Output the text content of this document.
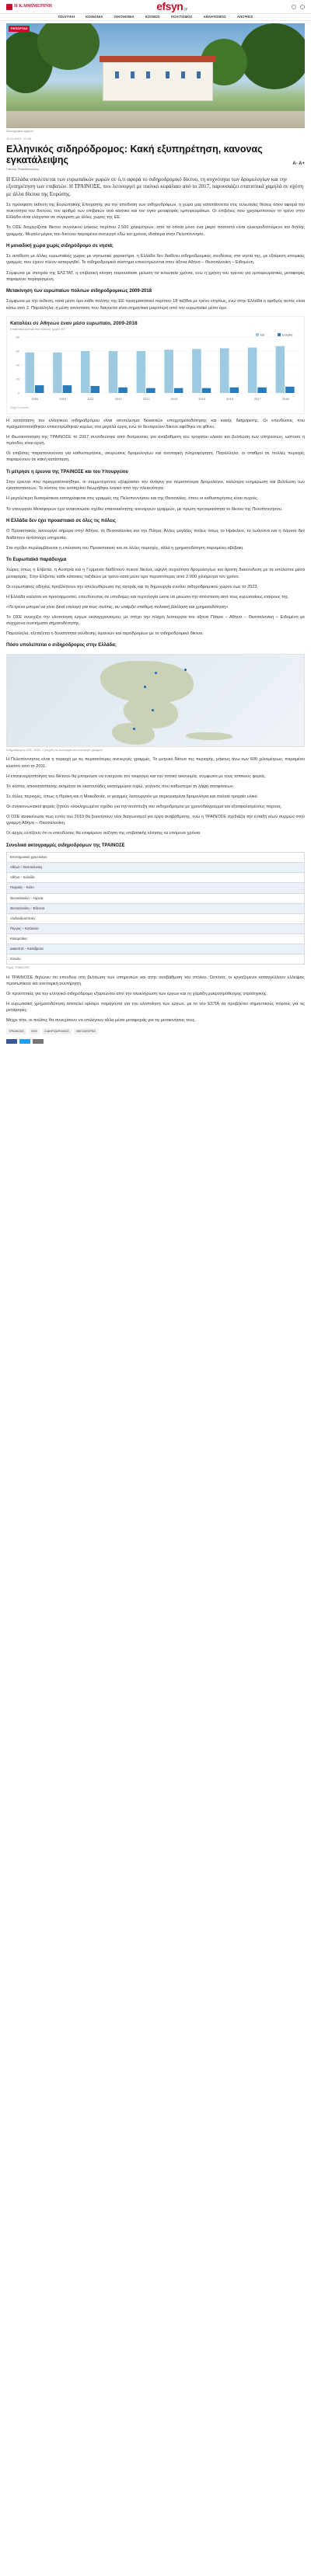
Η ΚΑΘΗΜΕΡΙΝΗ	efsyn.gr
ΠΟΛΙΤΙΚΗ	ΚΟΙΝΩΝΙΑ	ΟΙΚΟΝΟΜΙΑ	ΚΟΣΜΟΣ	ΠΟΛΙΤΙΣΜΟΣ	ΑΘΛΗΤΙΣΜΟΣ	ΑΠΟΨΕΙΣ
ΡΕΠΟΡΤΑΖ
Φωτογραφία αρχείου
12.03.2019 · 07:45
Ελληνικός σιδηρόδρομος: Κακή εξυπηρέτηση, κανονας εγκατάλειψης
Γιάννης Παπαδόπουλος
A- A+
Η Ελλάδα υπολείπεται των ευρωπαϊκών χωρών σε ό,τι αφορά το σιδηροδρομικό δίκτυο, τη συχνότητα των δρομολογίων και την εξυπηρέτηση των επιβατών. Η ΤΡΑΙΝΟΣΕ, που λειτουργεί με ιταλικό κεφάλαιο από το 2017, παρουσιάζει στατιστικά χαμηλά σε σχέση με άλλα δίκτυα της Ευρώπης.

Σε πρόσφατη έκθεση της Ευρωπαϊκής Επιτροπής για την απόδοση των σιδηροδρόμων, η χώρα μας κατατάσσεται στις τελευταίες θέσεις όσον αφορά την πυκνότητα του δικτύου, τον αριθμό των επιβατών ανά κάτοικο και τον όγκο μεταφοράς εμπορευμάτων. Οι επιβάτες που χρησιμοποιούν το τρένο στην Ελλάδα είναι ελάχιστοι σε σύγκριση με άλλες χώρες της ΕΕ.

Το ΟΣΕ διαχειρίζεται δίκτυο συνολικού μήκους περίπου 2.500 χιλιομέτρων, από τα οποία μόνο ένα μικρό ποσοστό είναι ηλεκτροδοτούμενο και διπλής γραμμής. Μεγάλο μέρος του δικτύου παραμένει ανενεργό εδώ και χρόνια, ιδιαίτερα στην Πελοπόννησο.

Η μοναδική χώρα χωρίς σιδηρόδρομο σε νησιά;

Σε αντίθεση με άλλες ευρωπαϊκές χώρες με νησιωτικό χαρακτήρα, η Ελλάδα δεν διαθέτει σιδηροδρομικές συνδέσεις στα νησιά της, με εξαίρεση ιστορικές γραμμές που έχουν πλέον καταργηθεί. Το σιδηροδρομικό σύστημα επικεντρώνεται στον άξονα Αθήνα – Θεσσαλονίκη – Ειδομένη.

Σύμφωνα με στοιχεία της ΕΛΣΤΑΤ, η επιβατική κίνηση παρουσίασε μείωση τα τελευταία χρόνια, ενώ η χρήση του τρένου για εμπορευματικές μεταφορές παραμένει περιορισμένη.

Μετακίνηση των ευρωπαίων πολιτών σιδηροδρομικώς 2009-2018

Σύμφωνα με την έκθεση, κατά μέσο όρο κάθε πολίτης της ΕΕ πραγματοποιεί περίπου 18 ταξίδια με τρένο ετησίως, ενώ στην Ελλάδα ο αριθμός αυτός είναι κάτω από 2. Παράλληλα, η μέση απόσταση που διανύεται είναι σημαντικά μικρότερη από τον ευρωπαϊκό μέσο όρο.

Καταλύει σε Αθηνών έναν μέσο ευρωπαίο, 2009-2018
Επιβατοχιλιόμετρα ανά κάτοικο, χώρες ΕΕ
0
20
40
60
80
2009	2010	2011	2012	2013	2014	2015	2016	2017	2018
ΕΕ	Ελλάδα
Πηγή: Eurostat

Η κατάσταση του ελληνικού σιδηροδρόμου είναι αποτέλεσμα δεκαετιών υποχρηματοδότησης και κακής διαχείρισης. Οι επενδύσεις που πραγματοποιήθηκαν επικεντρώθηκαν κυρίως στα μεγάλα έργα, ενώ το δευτερεύον δίκτυο αφέθηκε να φθίνει.

Η ιδιωτικοποίηση της ΤΡΑΙΝΟΣΕ το 2017 συνοδεύτηκε από δεσμεύσεις για αναβάθμιση του τροχαίου υλικού και βελτίωση των υπηρεσιών, ωστόσο η πρόοδος είναι αργή.

Οι επιβάτες παραπονιούνται για καθυστερήσεις, ακυρώσεις δρομολογίων και ανεπαρκή πληροφόρηση. Παράλληλα, οι σταθμοί σε πολλές περιοχές παραμένουν σε κακή κατάσταση.

Τι μέτρησε η έρευνα της ΤΡΑΙΝΟΣΕ και του Υπουργείου

Στην έρευνα που πραγματοποιήθηκε, οι συμμετέχοντες εξέφρασαν την ανάγκη για περισσότερα δρομολόγια, καλύτερη ενημέρωση και βελτίωση των εγκαταστάσεων. Το κόστος του εισιτηρίου θεωρήθηκε λογικό από την πλειονότητα.

Η μεγαλύτερη δυσαρέσκεια καταγράφεται στις γραμμές της Πελοποννήσου και της Θεσσαλίας, όπου οι καθυστερήσεις είναι συχνές.

Το υπουργείο Μεταφορών έχει ανακοινώσει σχέδιο επανεκκίνησης ανενεργών γραμμών, με πρώτη προτεραιότητα το δίκτυο της Πελοποννήσου.

Η Ελλάδα δεν έχει προαστιακό σε όλες τις πόλεις

Ο Προαστιακός λειτουργεί σήμερα στην Αθήνα, τη Θεσσαλονίκη και την Πάτρα. Άλλες μεγάλες πόλεις όπως το Ηράκλειο, τα Ιωάννινα και η Λάρισα δεν διαθέτουν αντίστοιχη υπηρεσία.

Στα σχέδια περιλαμβάνεται η επέκταση του Προαστιακού και σε άλλες περιοχές, αλλά η χρηματοδότηση παραμένει αβέβαιη.

Το Ευρωπαϊκό παράδειγμα

Χώρες όπως η Ελβετία, η Αυστρία και η Γερμανία διαθέτουν πυκνά δίκτυα, υψηλή συχνότητα δρομολογίων και άριστη διασύνδεση με τα υπόλοιπα μέσα μεταφοράς. Στην Ελβετία, κάθε κάτοικος ταξιδεύει με τρένο κατά μέσο όρο περισσότερες από 2.000 χιλιόμετρα τον χρόνο.

Οι ευρωπαϊκές οδηγίες προβλέπουν την απελευθέρωση της αγοράς και τη δημιουργία ενιαίου σιδηροδρομικού χώρου έως το 2023.

Η Ελλάδα καλείται να προσαρμοστεί, επενδύοντας σε υποδομές και τεχνολογία ώστε να μειώσει την απόσταση από τους ευρωπαίους εταίρους της.

«Το τρένο μπορεί να γίνει ξανά επιλογή για τους πολίτες, αν υπάρξει σταθερή πολιτική βούληση και χρηματοδότηση»

Το ΟΣΕ συνεχίζει την υλοποίηση έργων εκσυγχρονισμού, με στόχο την πλήρη λειτουργία του άξονα Πάτρα – Αθήνα – Θεσσαλονίκη – Ειδομένη με σύγχρονα συστήματα σηματοδότησης.

Παράλληλα, εξετάζεται η δυνατότητα σύνδεσης λιμανιών και αεροδρομίων με το σιδηροδρομικό δίκτυο.

Πόσο υπολείπεται ο σιδηρόδρομος στην Ελλάδα;
Σιδηρόδρομος ΟΣΕ, 2019 · Γραμμές σε λειτουργία και ανενεργές γραμμές

Η Πελοπόννησος είναι η περιοχή με τις περισσότερες ανενεργές γραμμές. Το μετρικό δίκτυο της περιοχής, μήκους άνω των 600 χιλιομέτρων, παραμένει κλειστό από το 2011.

Η επανενεργοποίηση του δικτύου θα μπορούσε να ενισχύσει τον τουρισμό και την τοπική οικονομία, σύμφωνα με τους τοπικούς φορείς.

Το κόστος αποκατάστασης εκτιμάται σε εκατοντάδες εκατομμύρια ευρώ, γεγονός που καθυστερεί τη λήψη αποφάσεων.

Σε άλλες περιοχές, όπως η Θράκη και η Μακεδονία, οι γραμμές λειτουργούν με περιορισμένα δρομολόγια και παλαιό τροχαίο υλικό.

Οι συγκοινωνιακοί φορείς ζητούν ολοκληρωμένο σχέδιο για την ανάπτυξη του σιδηροδρόμου με χρονοδιάγραμμα και εξασφαλισμένους πόρους.

Ο ΟΣΕ ανακοίνωσε πως εντός του 2019 θα ξεκινήσουν νέοι διαγωνισμοί για έργα αναβάθμισης, ενώ η ΤΡΑΙΝΟΣΕ σχεδιάζει την ένταξη νέων συρμών στην γραμμή Αθήνα – Θεσσαλονίκη.

Οι αρχές ελπίζουν ότι οι επενδύσεις θα επιφέρουν αύξηση της επιβατικής κίνησης τα επόμενα χρόνια.

Συνολικά ακτογραμμές σιδηροδρόμων της ΤΡΑΙΝΟΣΕ
Επιστημονικό χρονολόγιο
Αθήνα – Θεσσαλονίκη
Αθήνα – Χαλκίδα
Πειραιάς – Κιάτο
Θεσσαλονίκη – Λάρισα
Θεσσαλονίκη – Έδεσσα
Αλεξανδρούπολη
Πύργος – Κατάκολο
Καλαμπάκα
Διακοπτό – Καλάβρυτα
Σύνολο
Πηγή: ΤΡΑΙΝΟΣΕ

Η ΤΡΑΙΝΟΣΕ δηλώνει ότι επενδύει στη βελτίωση των υπηρεσιών και στην αναβάθμιση του στόλου. Ωστόσο, οι εργαζόμενοι καταγγέλλουν ελλείψεις προσωπικού και ανεπαρκή συντήρηση.

Οι προοπτικές για τον ελληνικό σιδηρόδρομο εξαρτώνται από την ολοκλήρωση των έργων και τη χάραξη μακροπρόθεσμης στρατηγικής.

Η ευρωπαϊκή χρηματοδότηση αποτελεί κρίσιμο παράγοντα για την υλοποίηση των έργων, με το νέο ΕΣΠΑ να προβλέπει σημαντικούς πόρους για τις μεταφορές.

Μέχρι τότε, οι πολίτες θα συνεχίσουν να επιλέγουν άλλα μέσα μεταφοράς για τις μετακινήσεις τους.

ΤΡΑΙΝΟΣΕ	ΟΣΕ	ΣΙΔΗΡΟΔΡΟΜΟΣ	ΜΕΤΑΦΟΡΕΣ
